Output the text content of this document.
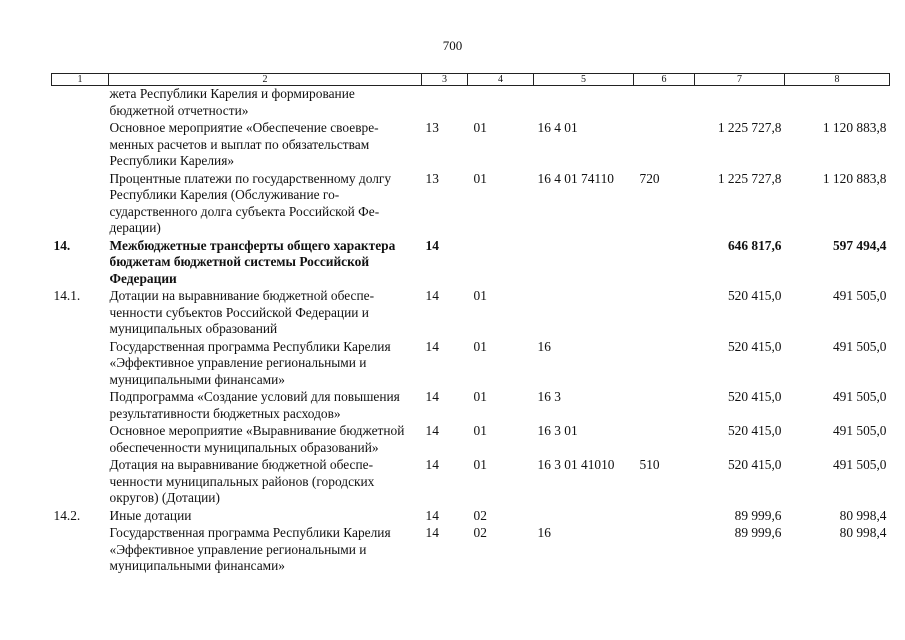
700
1	2	3	4	5	6	7	8
	жета Республики Карелия и формирование бюджетной отчетности»						
	Основное мероприятие «Обеспечение своевременных расчетов и выплат по обязательствам Республики Карелия»	13	01	16 4 01		1 225 727,8	1 120 883,8
	Процентные платежи по государственному долгу Республики Карелия (Обслуживание государственного долга субъекта Российской Федерации)	13	01	16 4 01 74110	720	1 225 727,8	1 120 883,8
14.	Межбюджетные трансферты общего характера бюджетам бюджетной системы Российской Федерации	14				646 817,6	597 494,4
14.1.	Дотации на выравнивание бюджетной обеспеченности субъектов Российской Федерации и муниципальных образований	14	01			520 415,0	491 505,0
	Государственная программа Республики Карелия «Эффективное управление региональными и муниципальными финансами»	14	01	16		520 415,0	491 505,0
	Подпрограмма «Создание условий для повышения результативности бюджетных расходов»	14	01	16 3		520 415,0	491 505,0
	Основное мероприятие «Выравнивание бюджетной обеспеченности муниципальных образований»	14	01	16 3 01		520 415,0	491 505,0
	Дотация на выравнивание бюджетной обеспеченности муниципальных районов (городских округов) (Дотации)	14	01	16 3 01 41010	510	520 415,0	491 505,0
14.2.	Иные дотации	14	02			89 999,6	80 998,4
	Государственная программа Республики Карелия «Эффективное управление региональными и муниципальными финансами»	14	02	16		89 999,6	80 998,4
